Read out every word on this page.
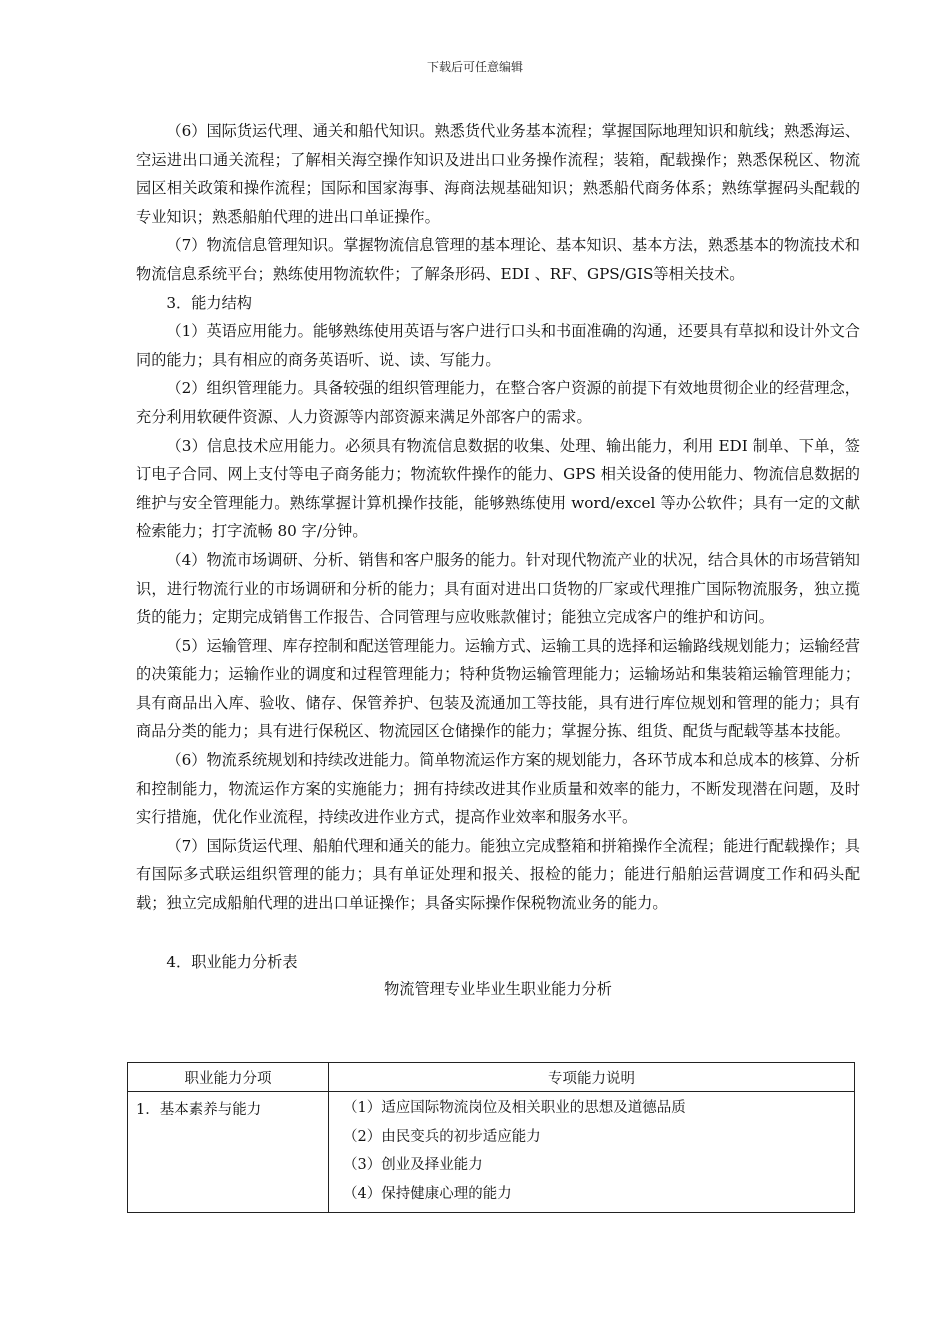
下载后可任意编辑

（6）国际货运代理、通关和船代知识。熟悉货代业务基本流程；掌握国际地理知识和航线；熟悉海运、空运进出口通关流程；了解相关海空操作知识及进出口业务操作流程；装箱，配载操作；熟悉保税区、物流园区相关政策和操作流程；国际和国家海事、海商法规基础知识；熟悉船代商务体系；熟练掌握码头配载的专业知识；熟悉船舶代理的进出口单证操作。

（7）物流信息管理知识。掌握物流信息管理的基本理论、基本知识、基本方法，熟悉基本的物流技术和物流信息系统平台；熟练使用物流软件；了解条形码、EDI 、RF、GPS/GIS等相关技术。

3．能力结构

（1）英语应用能力。能够熟练使用英语与客户进行口头和书面准确的沟通，还要具有草拟和设计外文合同的能力；具有相应的商务英语听、说、读、写能力。

（2）组织管理能力。具备较强的组织管理能力，在整合客户资源的前提下有效地贯彻企业的经营理念，充分利用软硬件资源、人力资源等内部资源来满足外部客户的需求。

（3）信息技术应用能力。必须具有物流信息数据的收集、处理、输出能力，利用 EDI 制单、下单，签订电子合同、网上支付等电子商务能力；物流软件操作的能力、GPS 相关设备的使用能力、物流信息数据的维护与安全管理能力。熟练掌握计算机操作技能，能够熟练使用 word/excel 等办公软件；具有一定的文献检索能力；打字流畅 80 字/分钟。

（4）物流市场调研、分析、销售和客户服务的能力。针对现代物流产业的状况，结合具休的市场营销知识，进行物流行业的市场调研和分析的能力；具有面对进出口货物的厂家或代理推广国际物流服务，独立揽货的能力；定期完成销售工作报告、合同管理与应收账款催讨；能独立完成客户的维护和访问。

（5）运输管理、库存控制和配送管理能力。运输方式、运输工具的选择和运输路线规划能力；运输经营的决策能力；运输作业的调度和过程管理能力；特种货物运输管理能力；运输场站和集装箱运输管理能力；具有商品出入库、验收、储存、保管养护、包装及流通加工等技能，具有进行库位规划和管理的能力；具有商品分类的能力；具有进行保税区、物流园区仓储操作的能力；掌握分拣、组货、配货与配载等基本技能。

（6）物流系统规划和持续改进能力。简单物流运作方案的规划能力，各环节成本和总成本的核算、分析和控制能力，物流运作方案的实施能力；拥有持续改进其作业质量和效率的能力，不断发现潜在问题，及时实行措施，优化作业流程，持续改进作业方式，提高作业效率和服务水平。

（7）国际货运代理、船舶代理和通关的能力。能独立完成整箱和拼箱操作全流程；能进行配载操作；具有国际多式联运组织管理的能力；具有单证处理和报关、报检的能力；能进行船舶运营调度工作和码头配载；独立完成船舶代理的进出口单证操作；具备实际操作保税物流业务的能力。

4．职业能力分析表

物流管理专业毕业生职业能力分析

职业能力分项	专项能力说明
1．基本素养与能力	（1）适应国际物流岗位及相关职业的思想及道德品质
（2）由民变兵的初步适应能力
（3）创业及择业能力
（4）保持健康心理的能力
